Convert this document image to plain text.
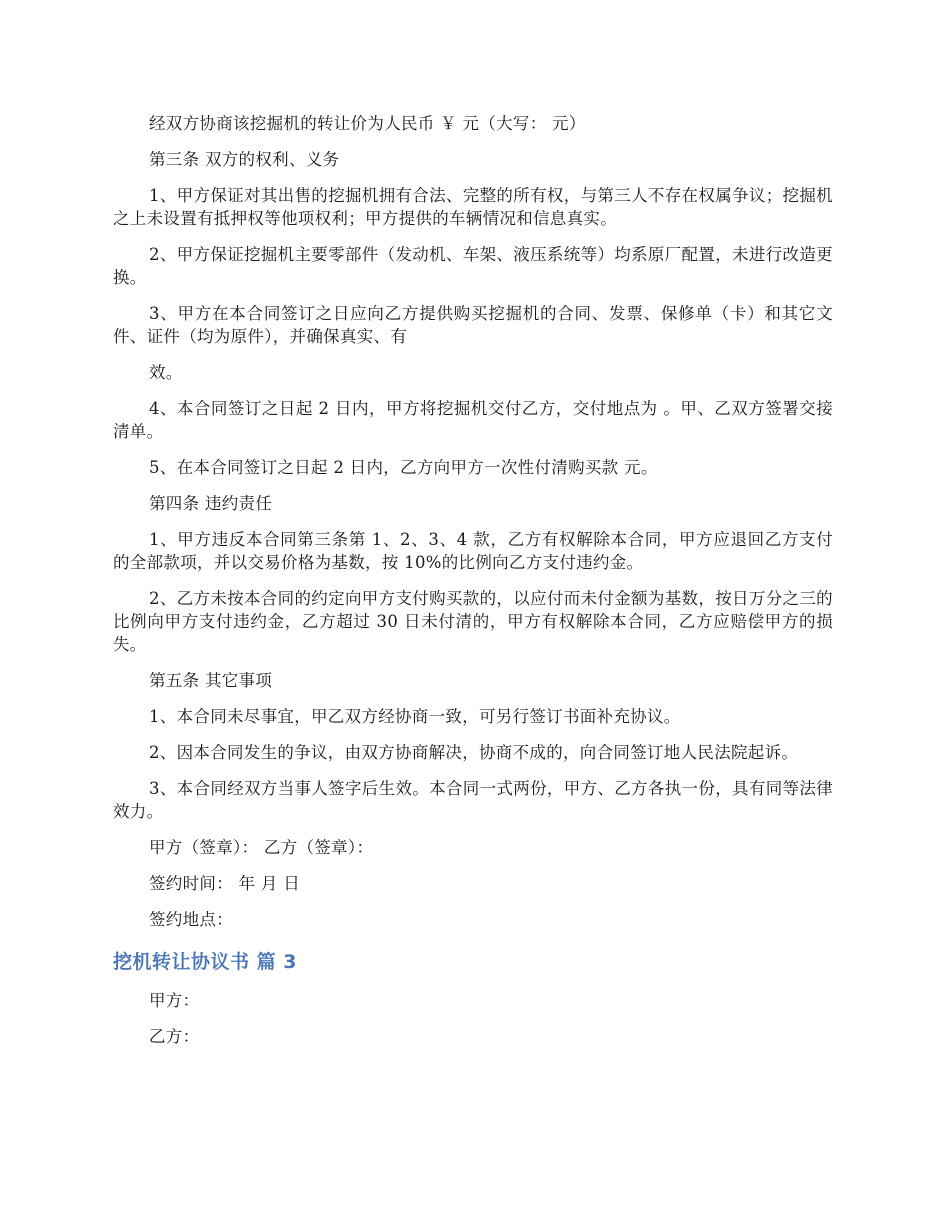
经双方协商该挖掘机的转让价为人民币 ￥ 元（大写： 元）

第三条 双方的权利、义务

1、甲方保证对其出售的挖掘机拥有合法、完整的所有权，与第三人不存在权属争议；挖掘机之上未设置有抵押权等他项权利；甲方提供的车辆情况和信息真实。

2、甲方保证挖掘机主要零部件（发动机、车架、液压系统等）均系原厂配置，未进行改造更换。

3、甲方在本合同签订之日应向乙方提供购买挖掘机的合同、发票、保修单（卡）和其它文件、证件（均为原件），并确保真实、有

效。

4、本合同签订之日起 2 日内，甲方将挖掘机交付乙方，交付地点为 。甲、乙双方签署交接清单。

5、在本合同签订之日起 2 日内，乙方向甲方一次性付清购买款 元。

第四条 违约责任

1、甲方违反本合同第三条第 1、2、3、4 款，乙方有权解除本合同，甲方应退回乙方支付的全部款项，并以交易价格为基数，按 10%的比例向乙方支付违约金。

2、乙方未按本合同的约定向甲方支付购买款的，以应付而未付金额为基数，按日万分之三的比例向甲方支付违约金，乙方超过 30 日未付清的，甲方有权解除本合同，乙方应赔偿甲方的损失。

第五条 其它事项

1、本合同未尽事宜，甲乙双方经协商一致，可另行签订书面补充协议。

2、因本合同发生的争议，由双方协商解决，协商不成的，向合同签订地人民法院起诉。

3、本合同经双方当事人签字后生效。本合同一式两份，甲方、乙方各执一份，具有同等法律效力。

甲方（签章）： 乙方（签章）：

签约时间： 年 月 日

签约地点：

挖机转让协议书 篇 3

甲方：

乙方：
